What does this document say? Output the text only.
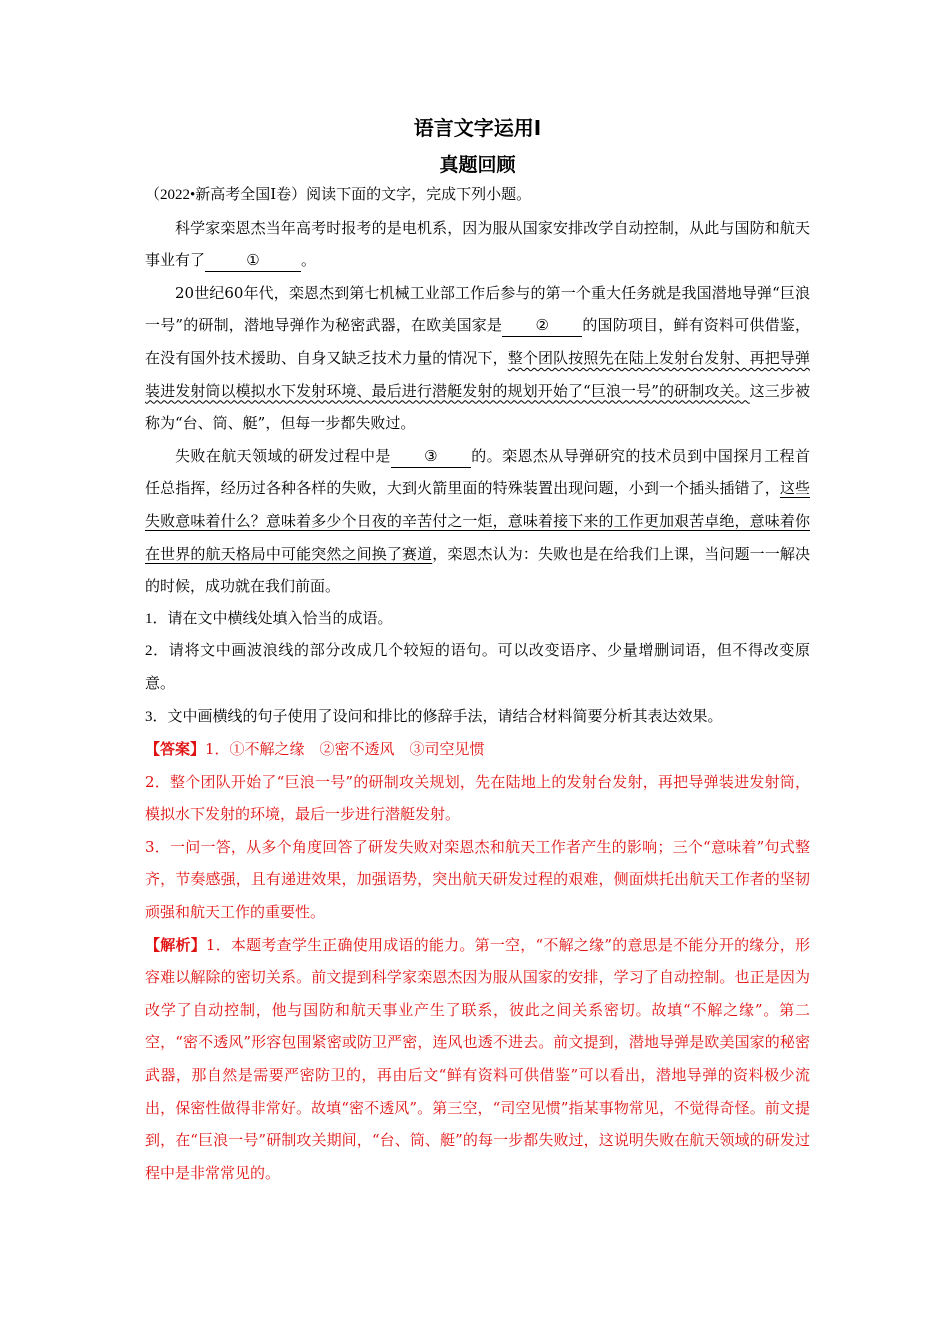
语言文字运用Ⅰ
真题回顾

（2022•新高考全国Ⅰ卷）阅读下面的文字，完成下列小题。

科学家栾恩杰当年高考时报考的是电机系，因为服从国家安排改学自动控制，从此与国防和航天事业有了	①	。

20世纪60年代，栾恩杰到第七机械工业部工作后参与的第一个重大任务就是我国潜地导弹“巨浪一号”的研制，潜地导弹作为秘密武器，在欧美国家是 ② 的国防项目，鲜有资料可供借鉴，在没有国外技术援助、自身又缺乏技术力量的情况下，整个团队按照先在陆上发射台发射、再把导弹装进发射筒以模拟水下发射环境、最后进行潜艇发射的规划开始了“巨浪一号”的研制攻关。这三步被称为“台、筒、艇”，但每一步都失败过。

失败在航天领域的研发过程中是 ③ 的。栾恩杰从导弹研究的技术员到中国探月工程首任总指挥，经历过各种各样的失败，大到火箭里面的特殊装置出现问题，小到一个插头插错了，这些失败意味着什么？意味着多少个日夜的辛苦付之一炬，意味着接下来的工作更加艰苦卓绝，意味着你在世界的航天格局中可能突然之间换了赛道，栾恩杰认为：失败也是在给我们上课，当问题一一解决的时候，成功就在我们前面。

1．请在文中横线处填入恰当的成语。

2．请将文中画波浪线的部分改成几个较短的语句。可以改变语序、少量增删词语，但不得改变原意。

3．文中画横线的句子使用了设问和排比的修辞手法，请结合材料简要分析其表达效果。

【答案】1．①不解之缘　②密不透风　③司空见惯

2．整个团队开始了“巨浪一号”的研制攻关规划，先在陆地上的发射台发射，再把导弹装进发射筒，模拟水下发射的环境，最后一步进行潜艇发射。

3．一问一答，从多个角度回答了研发失败对栾恩杰和航天工作者产生的影响；三个“意味着”句式整齐，节奏感强，且有递进效果，加强语势，突出航天研发过程的艰难，侧面烘托出航天工作者的坚韧顽强和航天工作的重要性。

【解析】1．本题考查学生正确使用成语的能力。第一空，“不解之缘”的意思是不能分开的缘分，形容难以解除的密切关系。前文提到科学家栾恩杰因为服从国家的安排，学习了自动控制。也正是因为改学了自动控制，他与国防和航天事业产生了联系，彼此之间关系密切。故填“不解之缘”。第二空，“密不透风”形容包围紧密或防卫严密，连风也透不进去。前文提到，潜地导弹是欧美国家的秘密武器，那自然是需要严密防卫的，再由后文“鲜有资料可供借鉴”可以看出，潜地导弹的资料极少流出，保密性做得非常好。故填“密不透风”。第三空，“司空见惯”指某事物常见，不觉得奇怪。前文提到，在“巨浪一号”研制攻关期间，“台、筒、艇”的每一步都失败过，这说明失败在航天领域的研发过程中是非常常见的。
